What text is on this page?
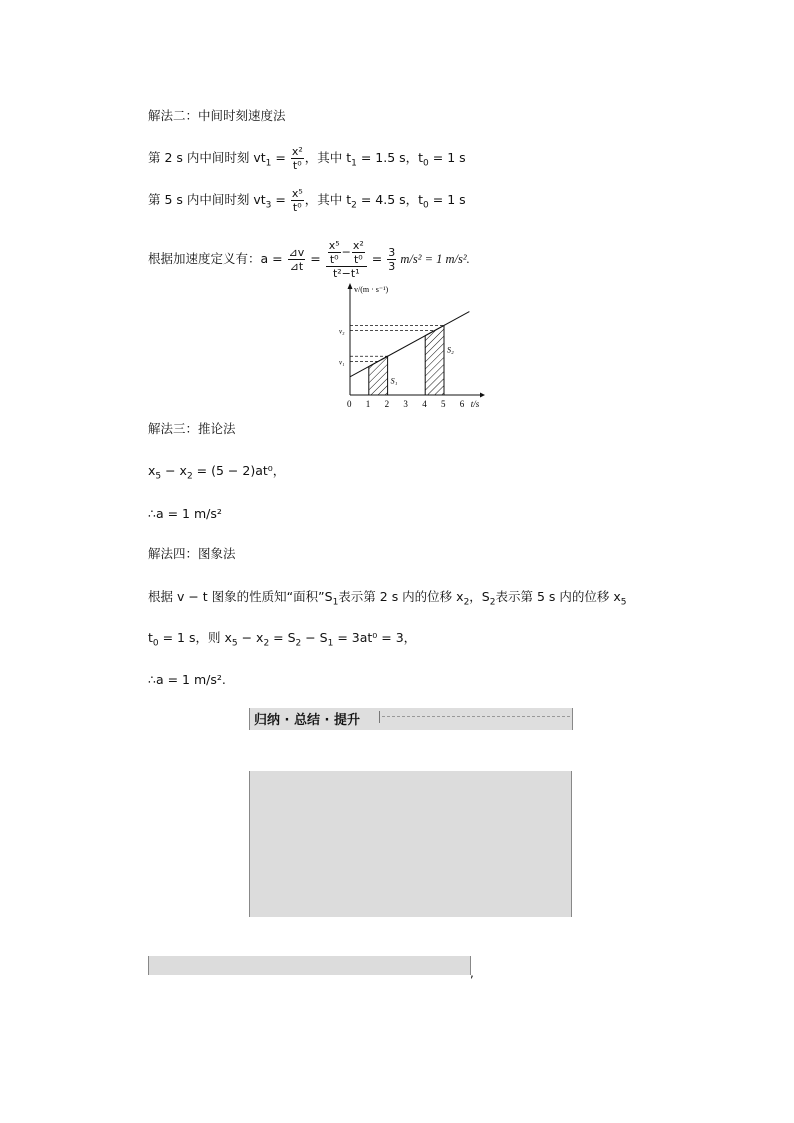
解法二：中间时刻速度法
第 2 s 内中间时刻 $vt_1 = \frac{\text{x²}}{\text{t⁰}}$ ，其中 $t_1 = 1.5$ s，$t_0 = 1$ s
第 5 s 内中间时刻 $vt_3 = \frac{\text{x⁵}}{\text{t⁰}}$ ，其中 $t_2 = 4.5$ s，$t_0 = 1$ s
根据加速度定义有：$a = \frac{⊿v}{⊿t} = \frac{\frac{\text{x⁵}}{\text{t⁰}} - \frac{\text{x²}}{\text{t⁰}}}{\text{t²−t¹}} = \frac{3}{3} m/s^2 = 1$ m/s².
S₁
S₂
v₁
v₃
0 1 2 3 4 5 6 t/s
v/(m · s⁻¹)
解法三：推论法
$x_5 - x_2 = (5 - 2)at^0$，
∴a = 1 m/s²
解法四：图象法
根据 v − t 图象的性质知“面积$”S_1$表示第 2 s 内的位移 $x_2$，$S_2$表示第 5 s 内的位移 $x_5$
$t_0 = 1$ s，则 $x_5 - x_2 = S_2 - S_1 = 3at^0 = 3$，
∴a = 1 m/s².
归纳 · 总结 · 提升
,
